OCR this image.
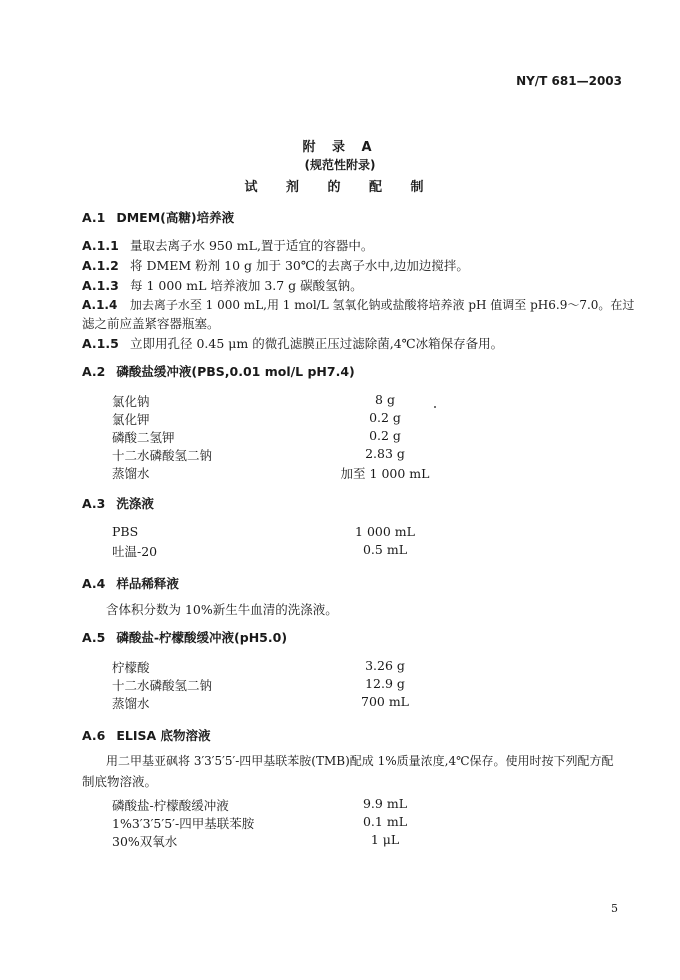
NY/T 681—2003
附 录 A
(规范性附录)
试 剂 的 配 制
A.1 DMEM(高糖)培养液
A.1.1 量取去离子水 950 mL,置于适宜的容器中。
A.1.2 将 DMEM 粉剂 10 g 加于 30℃的去离子水中,边加边搅拌。
A.1.3 每 1 000 mL 培养液加 3.7 g 碳酸氢钠。
A.1.4 加去离子水至 1 000 mL,用 1 mol/L 氢氧化钠或盐酸将培养液 pH 值调至 pH6.9～7.0。在过
滤之前应盖紧容器瓶塞。
A.1.5 立即用孔径 0.45 μm 的微孔滤膜正压过滤除菌,4℃冰箱保存备用。
A.2 磷酸盐缓冲液(PBS,0.01 mol/L pH7.4)
氯化钠	8 g
氯化钾	0.2 g
磷酸二氢钾	0.2 g
十二水磷酸氢二钠	2.83 g
蒸馏水	加至 1 000 mL
A.3 洗涤液
PBS	1 000 mL
吐温-20	0.5 mL
A.4 样品稀释液
含体积分数为 10%新生牛血清的洗涤液。
A.5 磷酸盐-柠檬酸缓冲液(pH5.0)
柠檬酸	3.26 g
十二水磷酸氢二钠	12.9 g
蒸馏水	700 mL
A.6 ELISA 底物溶液
用二甲基亚砜将 3′3′5′5′-四甲基联苯胺(TMB)配成 1%质量浓度,4℃保存。使用时按下列配方配
制底物溶液。
磷酸盐-柠檬酸缓冲液	9.9 mL
1%3′3′5′5′-四甲基联苯胺	0.1 mL
30%双氧水	1 μL
5
